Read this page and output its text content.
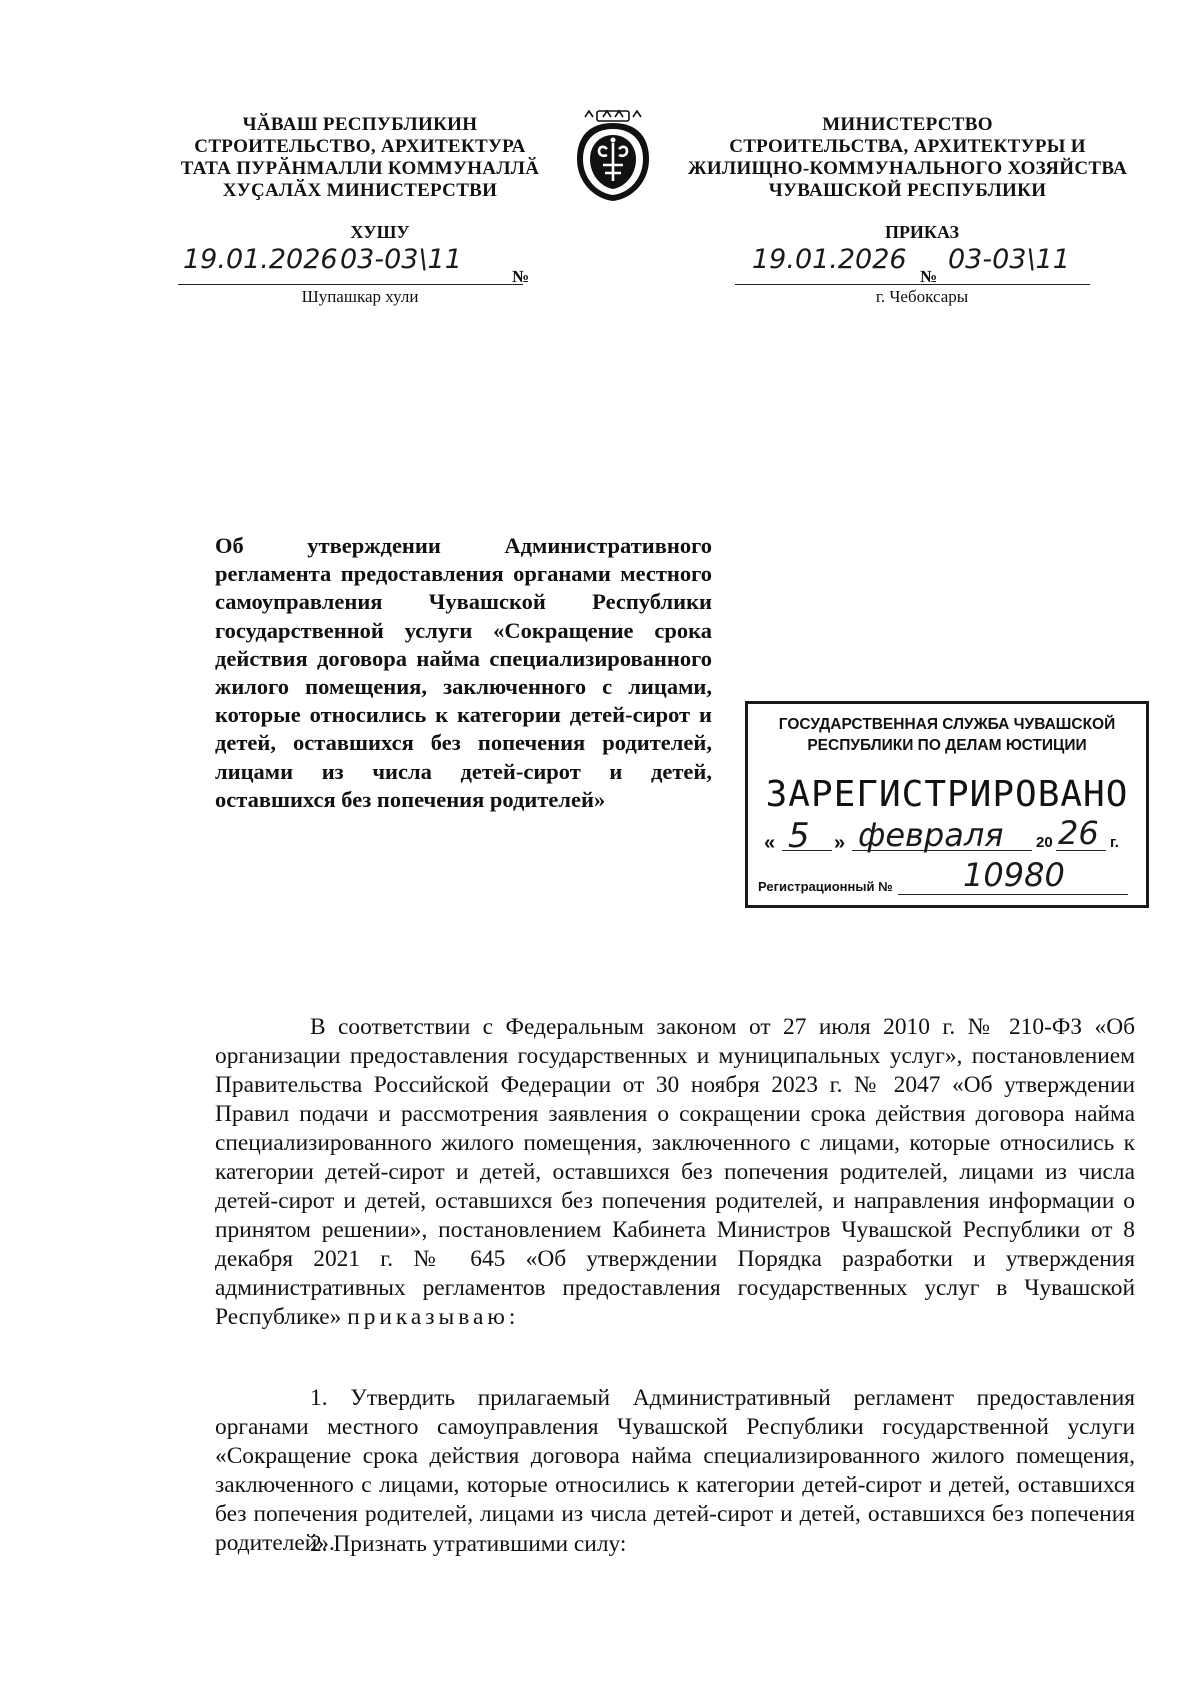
ЧӐВАШ РЕСПУБЛИКИН
СТРОИТЕЛЬСТВО, АРХИТЕКТУРА
ТАТА ПУРӐНМАЛЛИ КОММУНАЛЛӐ
ХУҪАЛӐХ МИНИСТЕРСТВИ
МИНИСТЕРСТВО
СТРОИТЕЛЬСТВА, АРХИТЕКТУРЫ И
ЖИЛИЩНО-КОММУНАЛЬНОГО ХОЗЯЙСТВА
ЧУВАШСКОЙ РЕСПУБЛИКИ
ХУШУ	ПРИКАЗ
19.01.2026 03-03\11
№
Шупашкар хули
19.01.2026
№
03-03\11
г. Чебоксары
Об утверждении Административного регламента предоставления органами местного самоуправления Чувашской Республики государственной услуги «Сокращение срока действия договора найма специализированного жилого помещения, заключенного с лицами, которые относились к категории детей-сирот и детей, оставшихся без попечения родителей, лицами из числа детей-сирот и детей, оставшихся без попечения родителей»
ГОСУДАРСТВЕННАЯ СЛУЖБА ЧУВАШСКОЙ
РЕСПУБЛИКИ ПО ДЕЛАМ ЮСТИЦИИ
ЗАРЕГИСТРИРОВАНО
« 5 » февраля 20 26 г.
Регистрационный № 10980
В соответствии с Федеральным законом от 27 июля 2010 г. № 210-ФЗ «Об организации предоставления государственных и муниципальных услуг», постановлением Правительства Российской Федерации от 30 ноября 2023 г. № 2047 «Об утверждении Правил подачи и рассмотрения заявления о сокращении срока действия договора найма специализированного жилого помещения, заключенного с лицами, которые относились к категории детей-сирот и детей, оставшихся без попечения родителей, лицами из числа детей-сирот и детей, оставшихся без попечения родителей, и направления информации о принятом решении», постановлением Кабинета Министров Чувашской Республики от 8 декабря 2021 г. № 645 «Об утверждении Порядка разработки и утверждения административных регламентов предоставления государственных услуг в Чувашской Республике» приказываю:
1. Утвердить прилагаемый Административный регламент предоставления органами местного самоуправления Чувашской Республики государственной услуги «Сокращение срока действия договора найма специализированного жилого помещения, заключенного с лицами, которые относились к категории детей-сирот и детей, оставшихся без попечения родителей, лицами из числа детей-сирот и детей, оставшихся без попечения родителей».
2. Признать утратившими силу:
